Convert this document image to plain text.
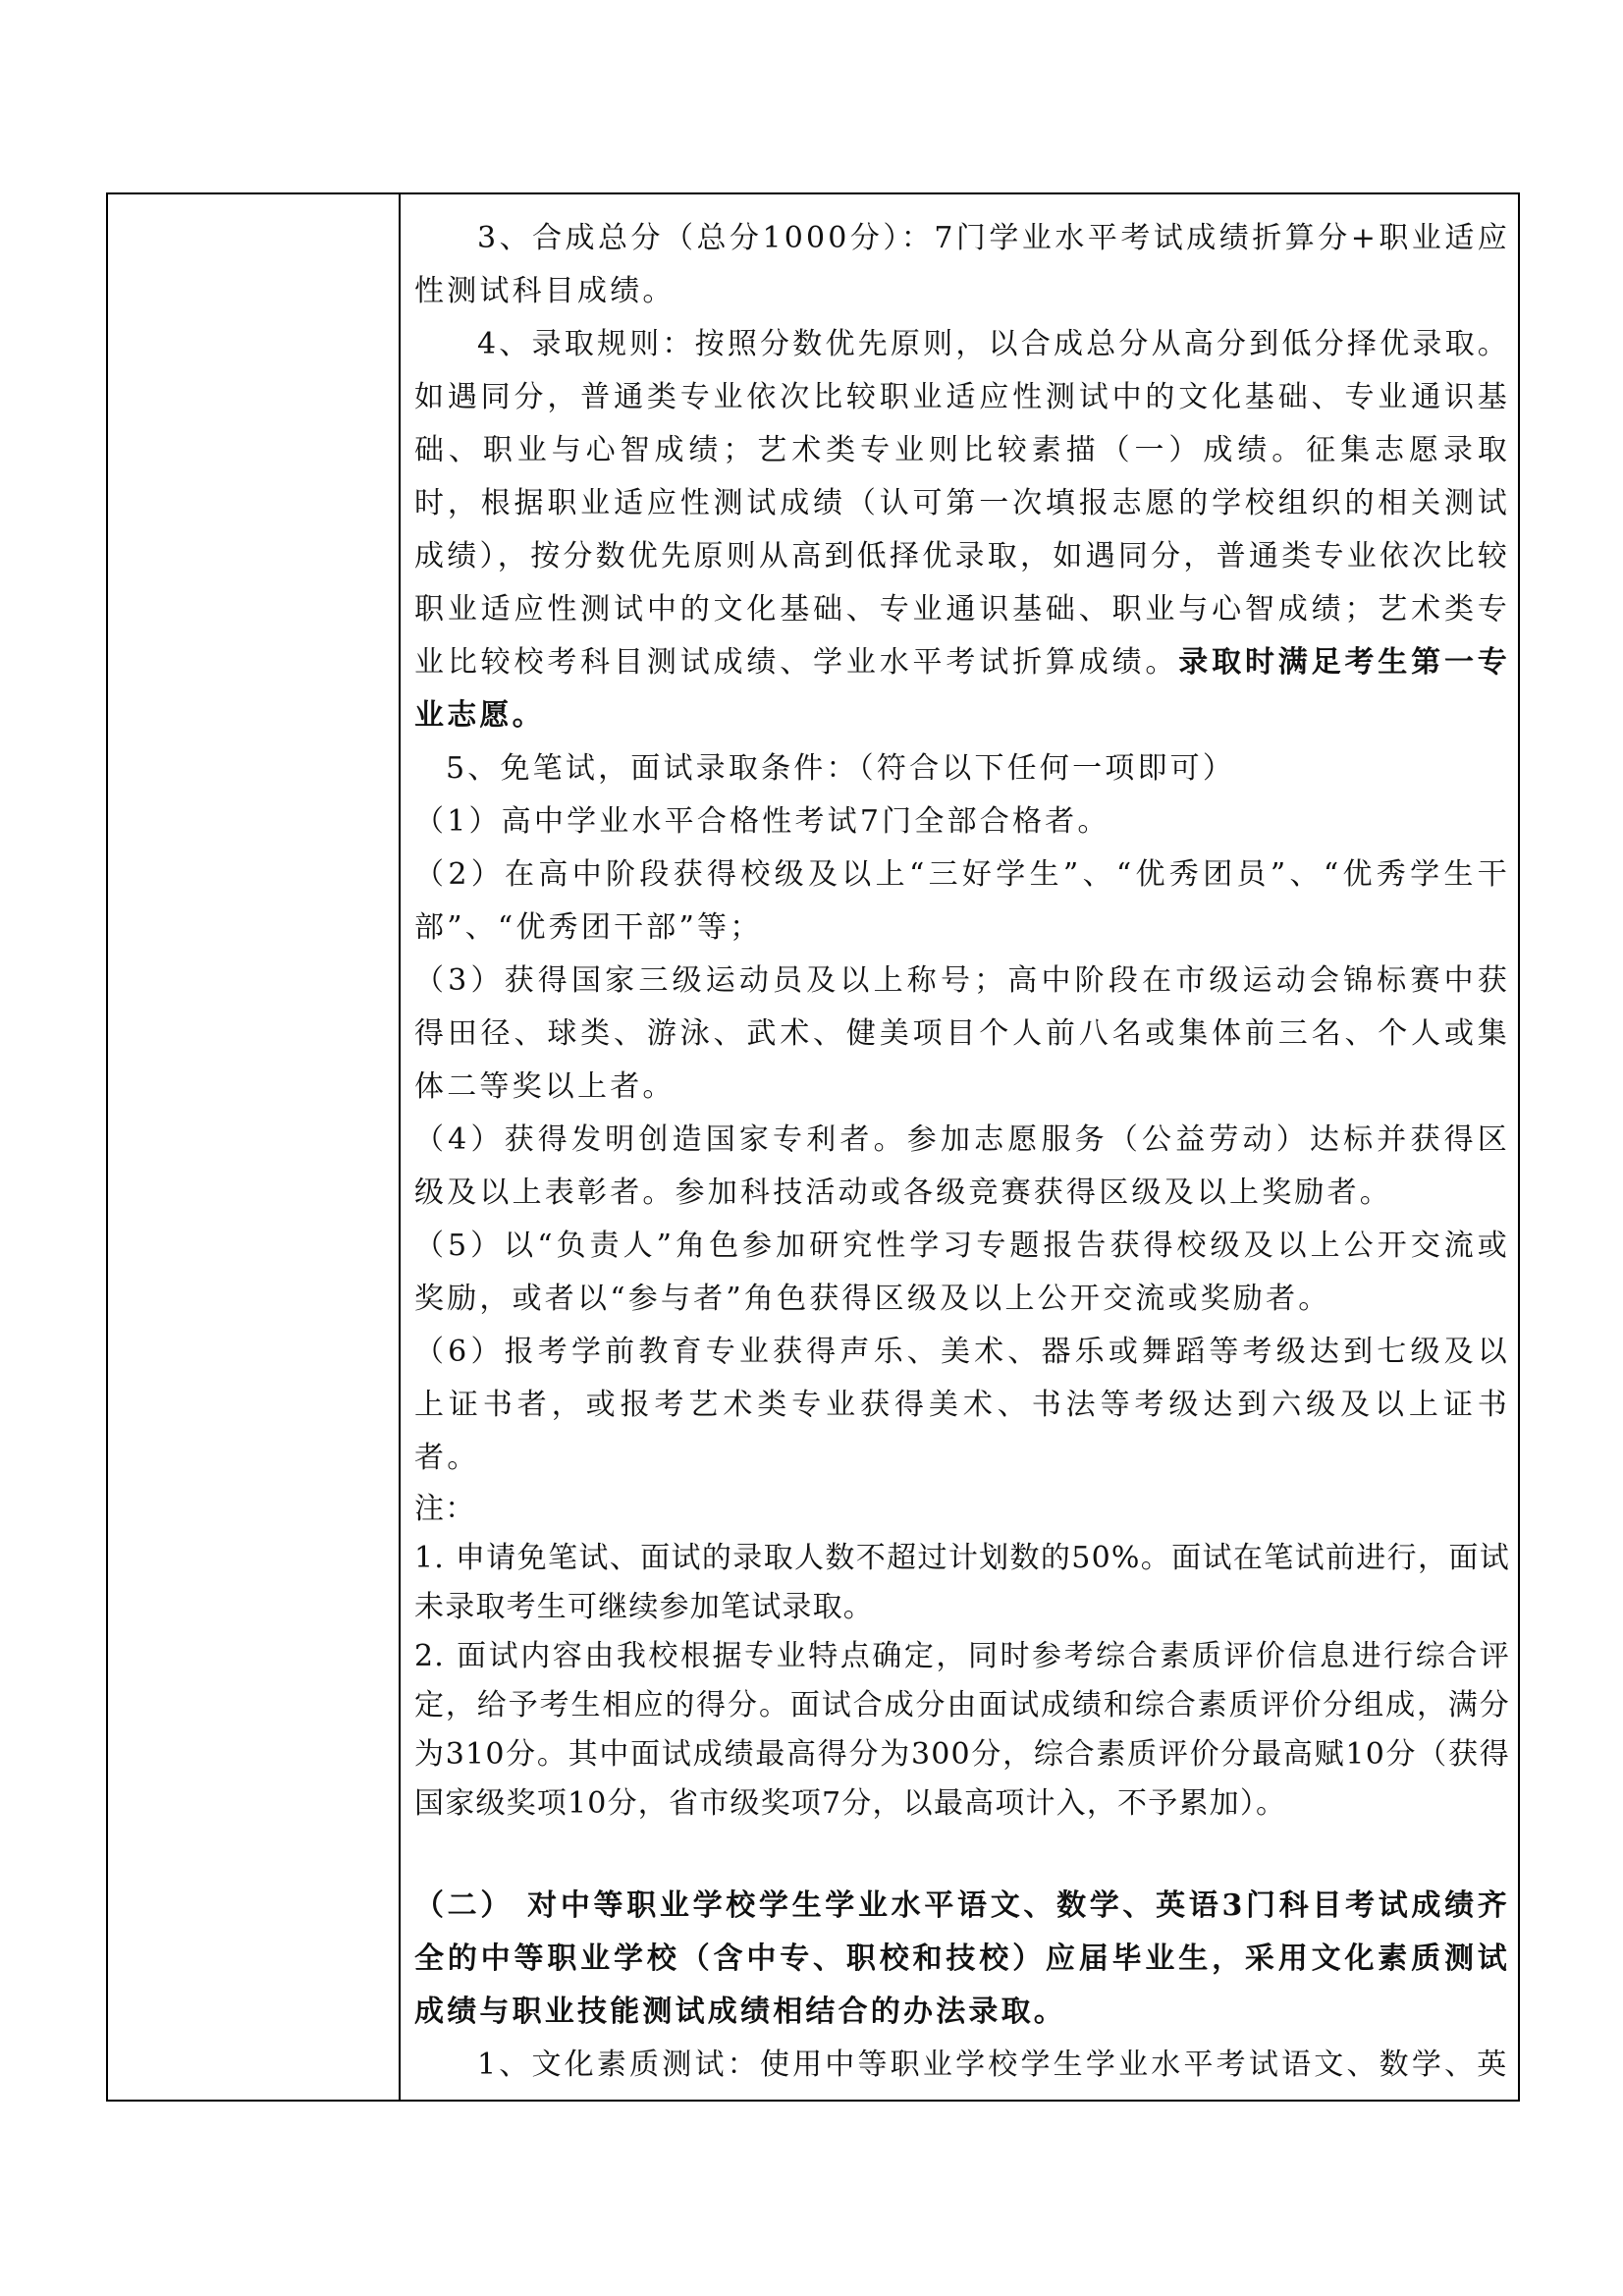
3、合成总分（总分1000分）：7门学业水平考试成绩折算分+职业适应性测试科目成绩。

4、录取规则：按照分数优先原则，以合成总分从高分到低分择优录取。如遇同分，普通类专业依次比较职业适应性测试中的文化基础、专业通识基础、职业与心智成绩；艺术类专业则比较素描（一）成绩。征集志愿录取时，根据职业适应性测试成绩（认可第一次填报志愿的学校组织的相关测试成绩），按分数优先原则从高到低择优录取，如遇同分，普通类专业依次比较职业适应性测试中的文化基础、专业通识基础、职业与心智成绩；艺术类专业比较校考科目测试成绩、学业水平考试折算成绩。录取时满足考生第一专业志愿。

5、免笔试，面试录取条件：（符合以下任何一项即可）

（1）高中学业水平合格性考试7门全部合格者。

（2）在高中阶段获得校级及以上“三好学生”、“优秀团员”、“优秀学生干部”、“优秀团干部”等；

（3）获得国家三级运动员及以上称号；高中阶段在市级运动会锦标赛中获得田径、球类、游泳、武术、健美项目个人前八名或集体前三名、个人或集体二等奖以上者。

（4）获得发明创造国家专利者。参加志愿服务（公益劳动）达标并获得区级及以上表彰者。参加科技活动或各级竞赛获得区级及以上奖励者。

（5）以“负责人”角色参加研究性学习专题报告获得校级及以上公开交流或奖励，或者以“参与者”角色获得区级及以上公开交流或奖励者。

（6）报考学前教育专业获得声乐、美术、器乐或舞蹈等考级达到七级及以上证书者，或报考艺术类专业获得美术、书法等考级达到六级及以上证书者。

注：

1. 申请免笔试、面试的录取人数不超过计划数的50%。面试在笔试前进行，面试未录取考生可继续参加笔试录取。

2. 面试内容由我校根据专业特点确定，同时参考综合素质评价信息进行综合评定，给予考生相应的得分。面试合成分由面试成绩和综合素质评价分组成，满分为310分。其中面试成绩最高得分为300分，综合素质评价分最高赋10分（获得国家级奖项10分，省市级奖项7分，以最高项计入，不予累加）。

（二） 对中等职业学校学生学业水平语文、数学、英语3门科目考试成绩齐全的中等职业学校（含中专、职校和技校）应届毕业生，采用文化素质测试成绩与职业技能测试成绩相结合的办法录取。

1、文化素质测试：使用中等职业学校学生学业水平考试语文、数学、英
